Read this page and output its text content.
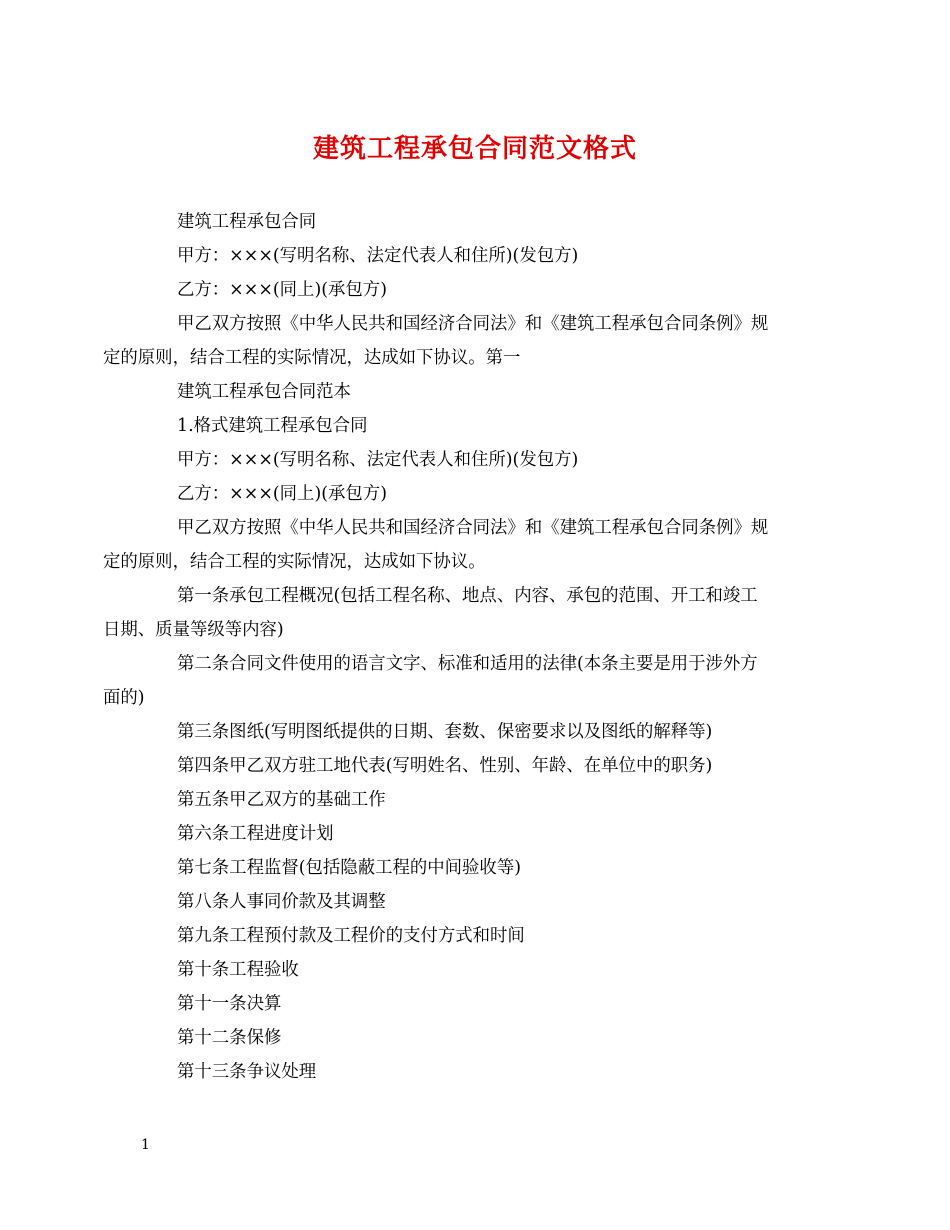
建筑工程承包合同范文格式

建筑工程承包合同

甲方：×××(写明名称、法定代表人和住所)(发包方)

乙方：×××(同上)(承包方)

甲乙双方按照《中华人民共和国经济合同法》和《建筑工程承包合同条例》规
定的原则，结合工程的实际情况，达成如下协议。第一

建筑工程承包合同范本

1.格式建筑工程承包合同

甲方：×××(写明名称、法定代表人和住所)(发包方)

乙方：×××(同上)(承包方)

甲乙双方按照《中华人民共和国经济合同法》和《建筑工程承包合同条例》规
定的原则，结合工程的实际情况，达成如下协议。

第一条承包工程概况(包括工程名称、地点、内容、承包的范围、开工和竣工
日期、质量等级等内容)

第二条合同文件使用的语言文字、标准和适用的法律(本条主要是用于涉外方
面的)

第三条图纸(写明图纸提供的日期、套数、保密要求以及图纸的解释等)

第四条甲乙双方驻工地代表(写明姓名、性别、年龄、在单位中的职务)

第五条甲乙双方的基础工作

第六条工程进度计划

第七条工程监督(包括隐蔽工程的中间验收等)

第八条人事同价款及其调整

第九条工程预付款及工程价的支付方式和时间

第十条工程验收

第十一条决算

第十二条保修

第十三条争议处理

1
